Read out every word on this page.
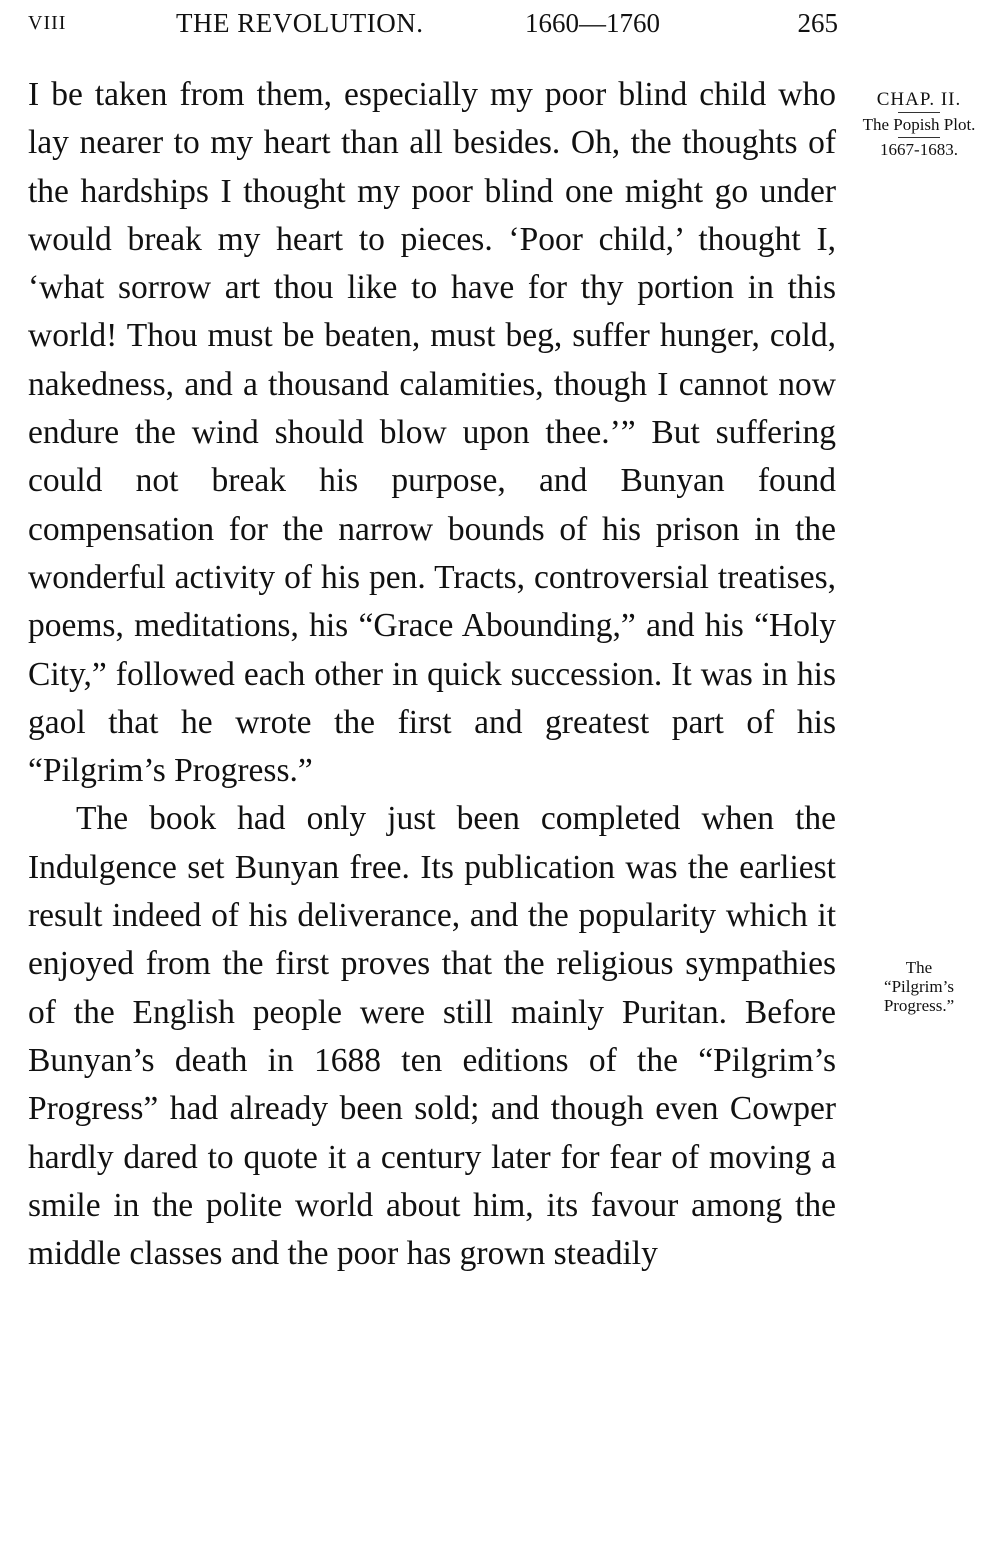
VIII	THE REVOLUTION.	1660—1760	265

I be taken from them, especially my poor blind child who lay nearer to my heart than all besides. Oh, the thoughts of the hardships I thought my poor blind one might go under would break my heart to pieces. ‘Poor child,’ thought I, ‘what sorrow art thou like to have for thy portion in this world! Thou must be beaten, must beg, suffer hunger, cold, nakedness, and a thousand calamities, though I cannot now endure the wind should blow upon thee.’” But suffering could not break his purpose, and Bunyan found compensation for the narrow bounds of his prison in the wonderful activity of his pen. Tracts, controversial treatises, poems, meditations, his “Grace Abounding,” and his “Holy City,” followed each other in quick succession. It was in his gaol that he wrote the first and greatest part of his “Pilgrim’s Progress.”

The book had only just been completed when the Indulgence set Bunyan free. Its publication was the earliest result indeed of his deliverance, and the popularity which it enjoyed from the first proves that the religious sympathies of the English people were still mainly Puritan. Before Bunyan’s death in 1688 ten editions of the “Pilgrim’s Progress” had already been sold; and though even Cowper hardly dared to quote it a century later for fear of moving a smile in the polite world about him, its favour among the middle classes and the poor has grown steadily

CHAP. II.
The Popish Plot.
1667-1683.
The
“Pilgrim’s
Progress.”
